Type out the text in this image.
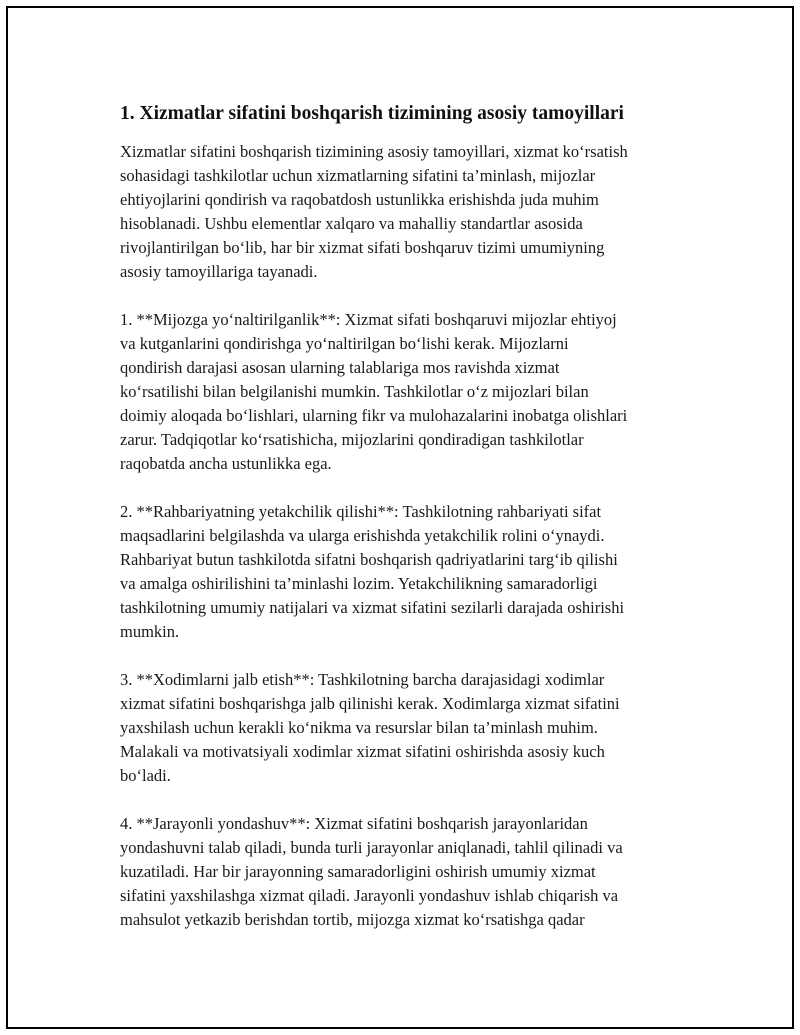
1. Xizmatlar sifatini boshqarish tizimining asosiy tamoyillari

Xizmatlar sifatini boshqarish tizimining asosiy tamoyillari, xizmat ko‘rsatish
sohasidagi tashkilotlar uchun xizmatlarning sifatini ta’minlash, mijozlar
ehtiyojlarini qondirish va raqobatdosh ustunlikka erishishda juda muhim
hisoblanadi. Ushbu elementlar xalqaro va mahalliy standartlar asosida
rivojlantirilgan bo‘lib, har bir xizmat sifati boshqaruv tizimi umumiyning
asosiy tamoyillariga tayanadi.

1. **Mijozga yo‘naltirilganlik**: Xizmat sifati boshqaruvi mijozlar ehtiyoj
va kutganlarini qondirishga yo‘naltirilgan bo‘lishi kerak. Mijozlarni
qondirish darajasi asosan ularning talablariga mos ravishda xizmat
ko‘rsatilishi bilan belgilanishi mumkin. Tashkilotlar o‘z mijozlari bilan
doimiy aloqada bo‘lishlari, ularning fikr va mulohazalarini inobatga olishlari
zarur. Tadqiqotlar ko‘rsatishicha, mijozlarini qondiradigan tashkilotlar
raqobatda ancha ustunlikka ega.

2. **Rahbariyatning yetakchilik qilishi**: Tashkilotning rahbariyati sifat
maqsadlarini belgilashda va ularga erishishda yetakchilik rolini o‘ynaydi.
Rahbariyat butun tashkilotda sifatni boshqarish qadriyatlarini targ‘ib qilishi
va amalga oshirilishini ta’minlashi lozim. Yetakchilikning samaradorligi
tashkilotning umumiy natijalari va xizmat sifatini sezilarli darajada oshirishi
mumkin.

3. **Xodimlarni jalb etish**: Tashkilotning barcha darajasidagi xodimlar
xizmat sifatini boshqarishga jalb qilinishi kerak. Xodimlarga xizmat sifatini
yaxshilash uchun kerakli ko‘nikma va resurslar bilan ta’minlash muhim.
Malakali va motivatsiyali xodimlar xizmat sifatini oshirishda asosiy kuch
bo‘ladi.

4. **Jarayonli yondashuv**: Xizmat sifatini boshqarish jarayonlaridan
yondashuvni talab qiladi, bunda turli jarayonlar aniqlanadi, tahlil qilinadi va
kuzatiladi. Har bir jarayonning samaradorligini oshirish umumiy xizmat
sifatini yaxshilashga xizmat qiladi. Jarayonli yondashuv ishlab chiqarish va
mahsulot yetkazib berishdan tortib, mijozga xizmat ko‘rsatishga qadar
